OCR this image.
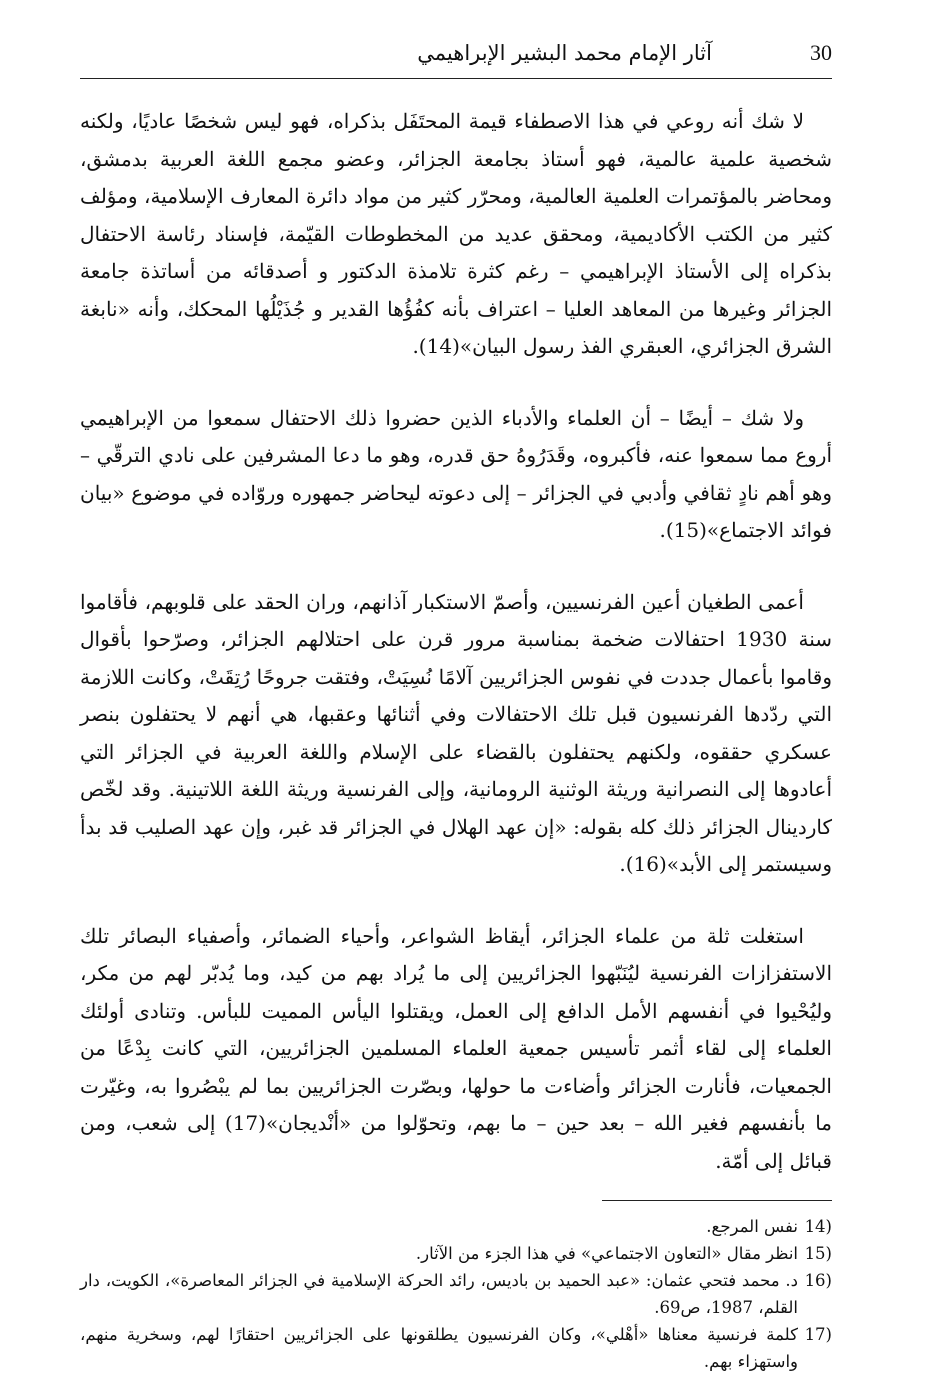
30
آثار الإمام محمد البشير الإبراهيمي

لا شك أنه روعي في هذا الاصطفاء قيمة المحتَفَل بذكراه، فهو ليس شخصًا عاديًا، ولكنه شخصية علمية عالمية، فهو أستاذ بجامعة الجزائر، وعضو مجمع اللغة العربية بدمشق، ومحاضر بالمؤتمرات العلمية العالمية، ومحرّر كثير من مواد دائرة المعارف الإسلامية، ومؤلف كثير من الكتب الأكاديمية، ومحقق عديد من المخطوطات القيّمة، فإسناد رئاسة الاحتفال بذكراه إلى الأستاذ الإبراهيمي – رغم كثرة تلامذة الدكتور و أصدقائه من أساتذة جامعة الجزائر وغيرها من المعاهد العليا – اعتراف بأنه كفُؤُها القدير و جُذَيْلُها المحكك، وأنه «نابغة الشرق الجزائري، العبقري الفذ رسول البيان»(14).

ولا شك – أيضًا – أن العلماء والأدباء الذين حضروا ذلك الاحتفال سمعوا من الإبراهيمي أروع مما سمعوا عنه، فأكبروه، وقَدَرُوهُ حق قدره، وهو ما دعا المشرفين على نادي الترقّي – وهو أهم نادٍ ثقافي وأدبي في الجزائر – إلى دعوته ليحاضر جمهوره وروّاده في موضوع «بيان فوائد الاجتماع»(15).

أعمى الطغيان أعين الفرنسيين، وأصمّ الاستكبار آذانهم، وران الحقد على قلوبهم، فأقاموا سنة 1930 احتفالات ضخمة بمناسبة مرور قرن على احتلالهم الجزائر، وصرّحوا بأقوال وقاموا بأعمال جددت في نفوس الجزائريين آلامًا نُسِيَتْ، وفتقت جروحًا رُتِقَتْ، وكانت اللازمة التي ردّدها الفرنسيون قبل تلك الاحتفالات وفي أثنائها وعقبها، هي أنهم لا يحتفلون بنصر عسكري حققوه، ولكنهم يحتفلون بالقضاء على الإسلام واللغة العربية في الجزائر التي أعادوها إلى النصرانية وريثة الوثنية الرومانية، وإلى الفرنسية وريثة اللغة اللاتينية. وقد لخّص كاردينال الجزائر ذلك كله بقوله: «إن عهد الهلال في الجزائر قد غبر، وإن عهد الصليب قد بدأ وسيستمر إلى الأبد»(16).

استغلت ثلة من علماء الجزائر، أيقاظ الشواعر، وأحياء الضمائر، وأصفياء البصائر تلك الاستفزازات الفرنسية ليُنَبّهوا الجزائريين إلى ما يُراد بهم من كيد، وما يُدبّر لهم من مكر، وليُحْيوا في أنفسهم الأمل الدافع إلى العمل، ويقتلوا اليأس المميت للبأس. وتنادى أولئك العلماء إلى لقاء أثمر تأسيس جمعية العلماء المسلمين الجزائريين، التي كانت بِدْعًا من الجمعيات، فأنارت الجزائر وأضاءت ما حولها، وبصّرت الجزائريين بما لم يبْصُروا به، وغيّرت ما بأنفسهم فغير الله – بعد حين – ما بهم، وتحوّلوا من «أنْديجان»(17) إلى شعب، ومن قبائل إلى أمّة.

14)
نفس المرجع.
15)
انظر مقال «التعاون الاجتماعي» في هذا الجزء من الآثار.
16)
د. محمد فتحي عثمان: «عبد الحميد بن باديس، رائد الحركة الإسلامية في الجزائر المعاصرة»، الكويت، دار القلم، 1987، ص69.
17)
كلمة فرنسية معناها «أهْلي»، وكان الفرنسيون يطلقونها على الجزائريين احتقارًا لهم، وسخرية منهم، واستهزاء بهم.
